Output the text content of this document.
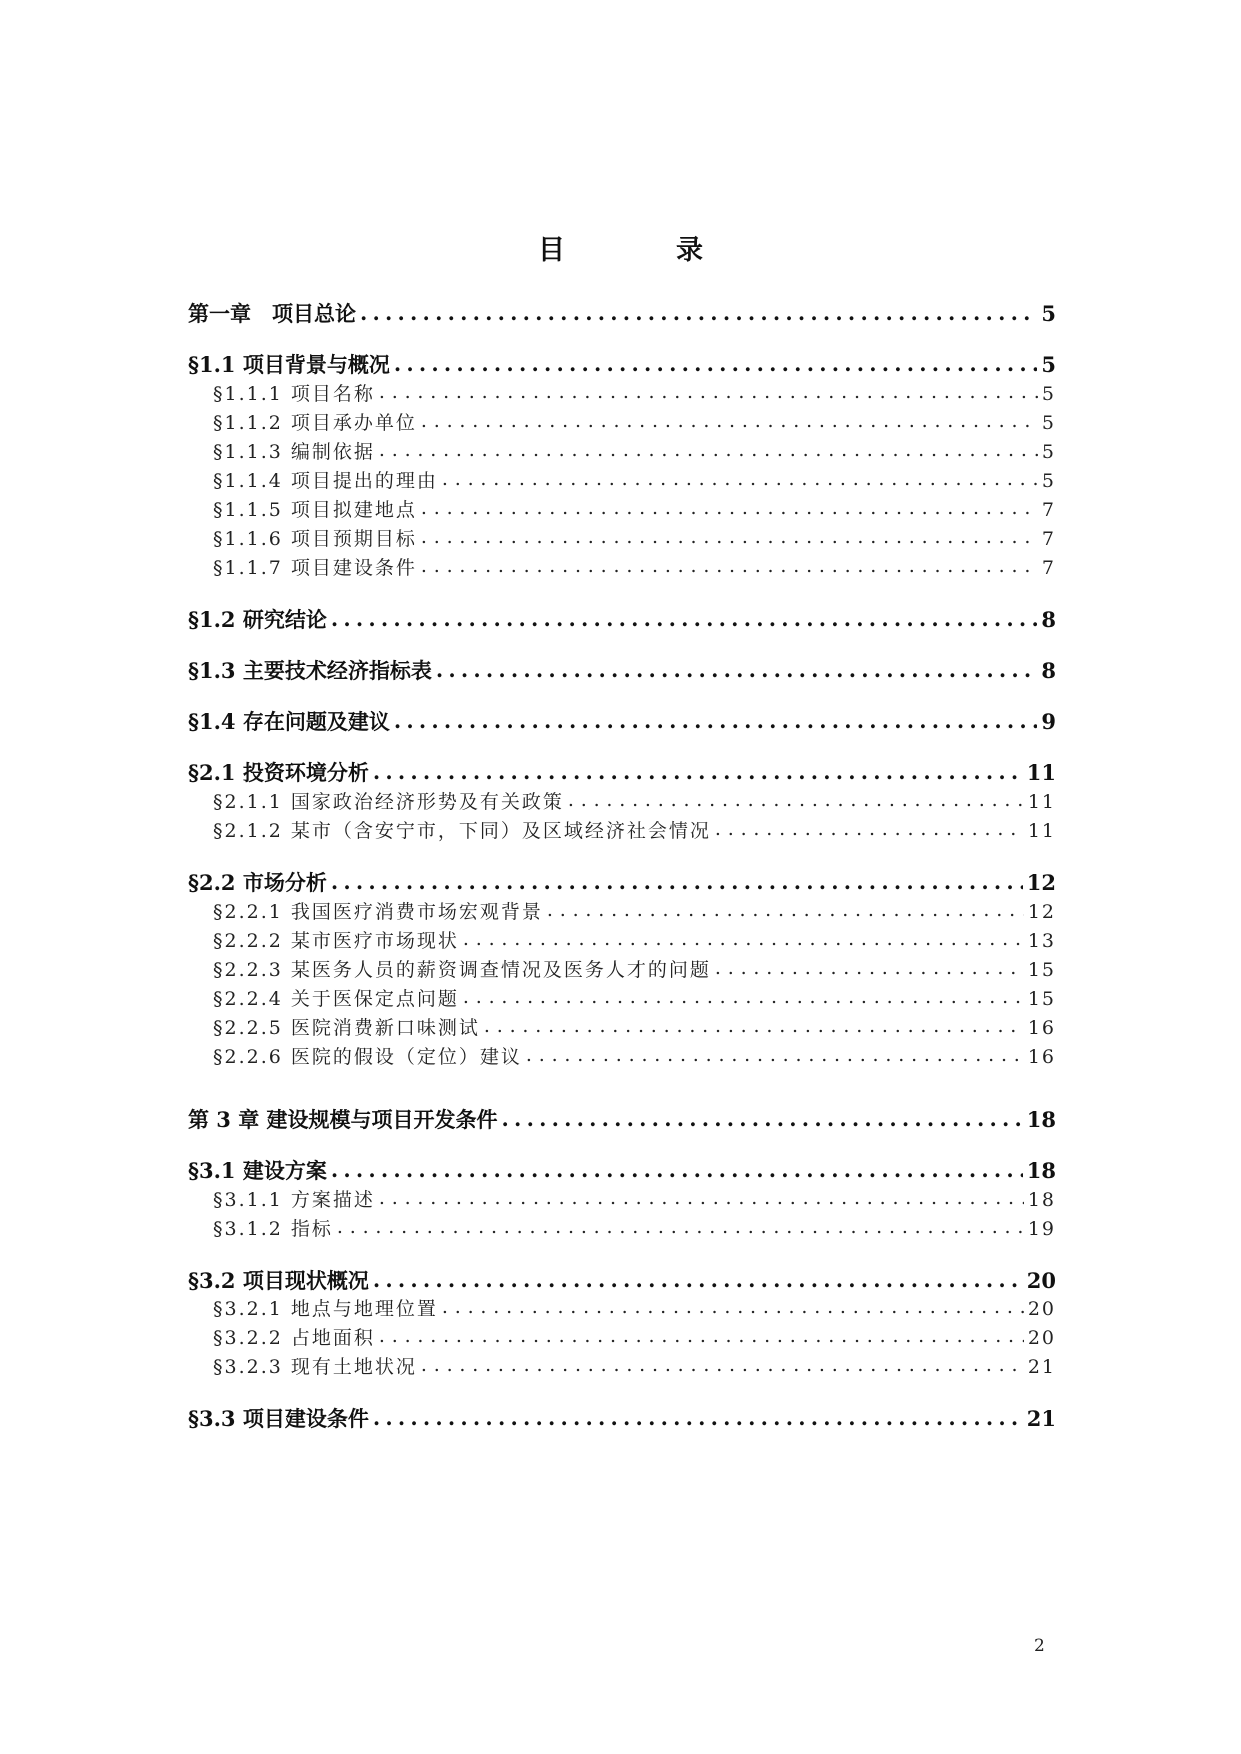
目　录
第一章　项目总论 .....	5
§1.1 项目背景与概况 .....	5
§1.1.1 项目名称 .....	5
§1.1.2 项目承办单位 .....	5
§1.1.3 编制依据 .....	5
§1.1.4 项目提出的理由 .....	5
§1.1.5 项目拟建地点 .....	7
§1.1.6 项目预期目标 .....	7
§1.1.7 项目建设条件 .....	7
§1.2 研究结论 .....	8
§1.3 主要技术经济指标表 .....	8
§1.4 存在问题及建议 .....	9
§2.1 投资环境分析 .....	11
§2.1.1 国家政治经济形势及有关政策 .....	11
§2.1.2 某市（含安宁市，下同）及区域经济社会情况 .....	11
§2.2 市场分析 .....	12
§2.2.1 我国医疗消费市场宏观背景 .....	12
§2.2.2 某市医疗市场现状 .....	13
§2.2.3 某医务人员的薪资调查情况及医务人才的问题 .....	15
§2.2.4 关于医保定点问题 .....	15
§2.2.5 医院消费新口味测试 .....	16
§2.2.6 医院的假设（定位）建议 .....	16
第 3 章 建设规模与项目开发条件 .....	18
§3.1 建设方案 .....	18
§3.1.1 方案描述 .....	18
§3.1.2 指标 .....	19
§3.2 项目现状概况 .....	20
§3.2.1 地点与地理位置 .....	20
§3.2.2 占地面积 .....	20
§3.2.3 现有土地状况 .....	21
§3.3 项目建设条件 .....	21
2
